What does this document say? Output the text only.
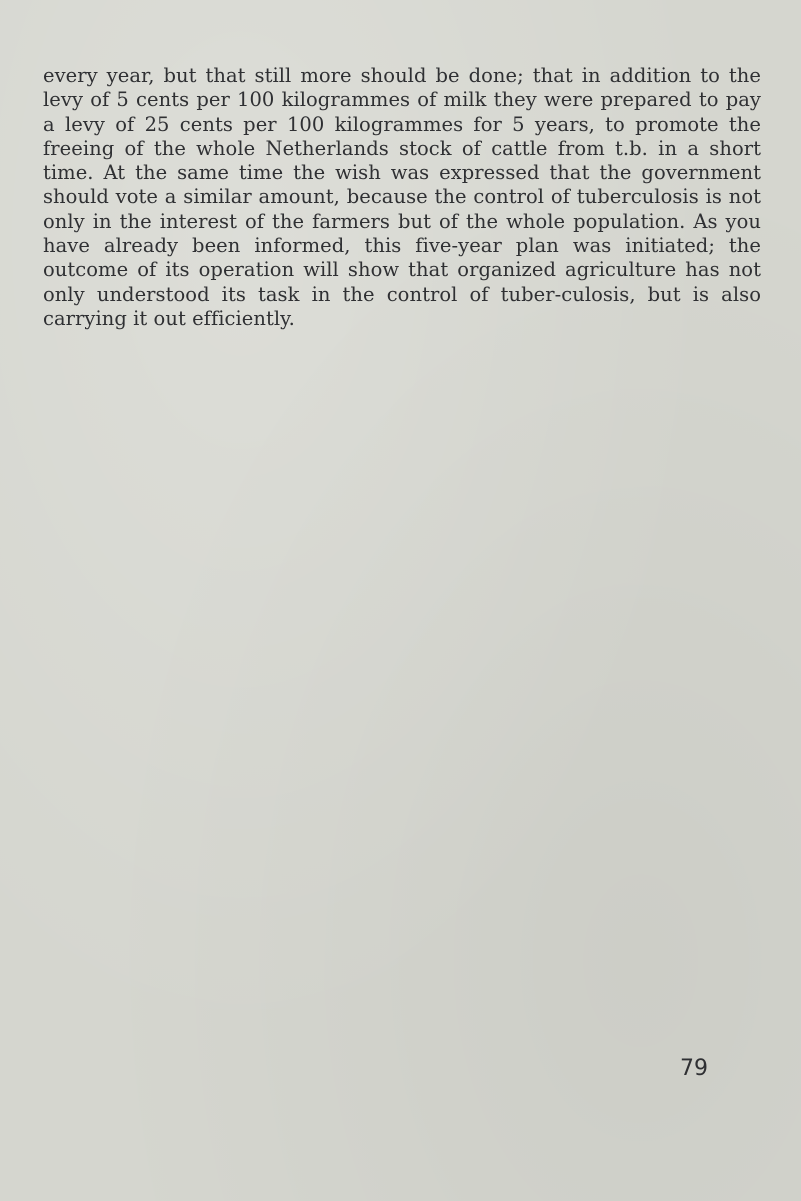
every year, but that still more should be done; that in addition to the levy of 5 cents per 100 kilogrammes of milk they were prepared to pay a levy of 25 cents per 100 kilogrammes for 5 years, to promote the freeing of the whole Netherlands stock of cattle from t.b. in a short time. At the same time the wish was expressed that the government should vote a similar amount, because the control of tuberculosis is not only in the interest of the farmers but of the whole population. As you have already been informed, this five-year plan was initiated; the outcome of its operation will show that organized agriculture has not only understood its task in the control of tuber-culosis, but is also carrying it out efficiently.

79
